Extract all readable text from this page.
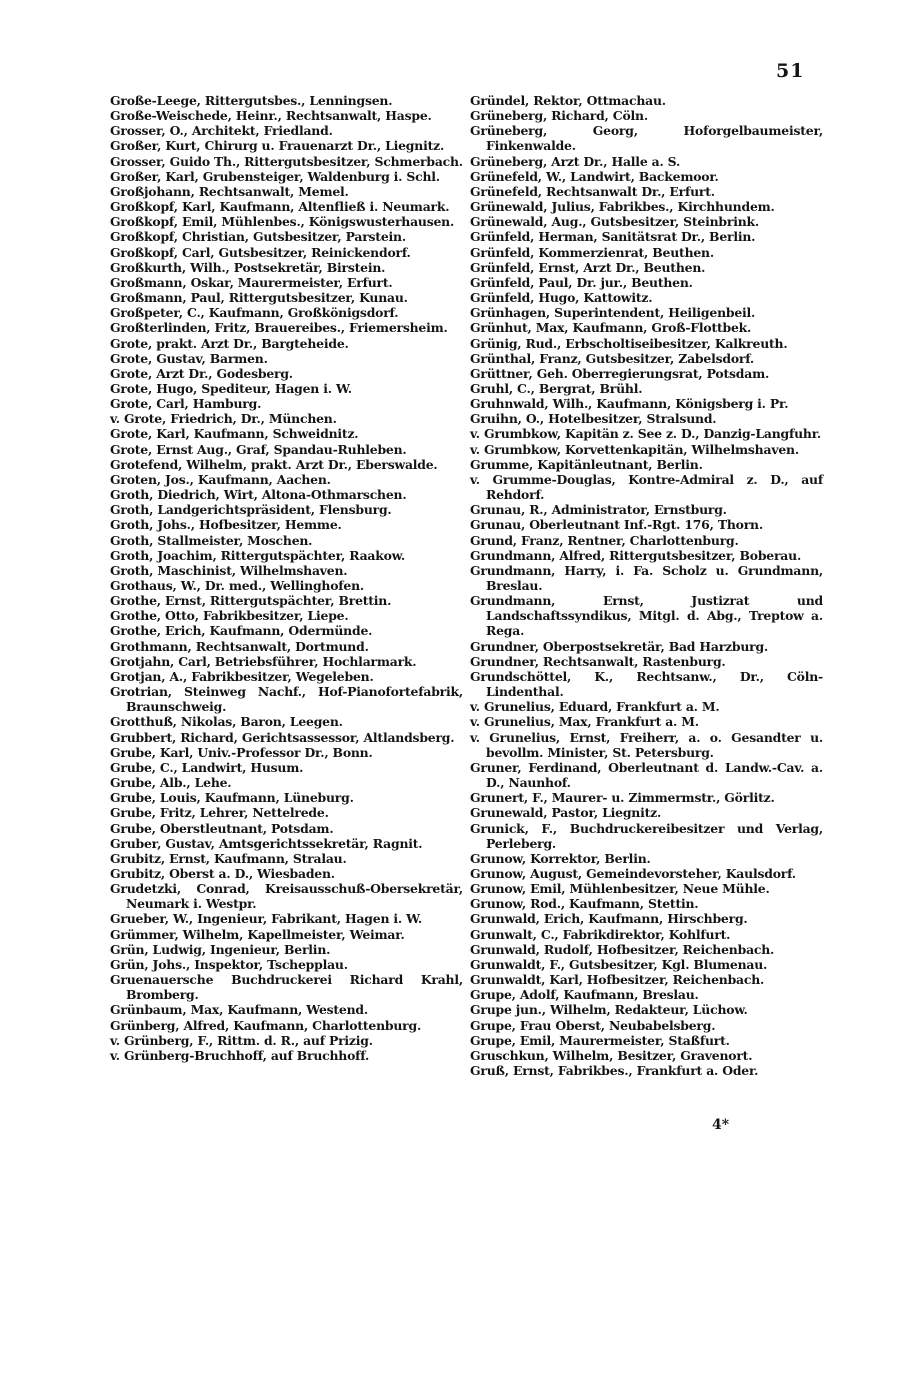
51
Große-Leege, Rittergutsbes., Lenningsen.
Große-Weischede, Heinr., Rechtsanwalt, Haspe.
Grosser, O., Architekt, Friedland.
Großer, Kurt, Chirurg u. Frauenarzt Dr., Liegnitz.
Grosser, Guido Th., Rittergutsbesitzer, Schmerbach.
Großer, Karl, Grubensteiger, Waldenburg i. Schl.
Großjohann, Rechtsanwalt, Memel.
Großkopf, Karl, Kaufmann, Altenfließ i. Neumark.
Großkopf, Emil, Mühlenbes., Königswusterhausen.
Großkopf, Christian, Gutsbesitzer, Parstein.
Großkopf, Carl, Gutsbesitzer, Reinickendorf.
Großkurth, Wilh., Postsekretär, Birstein.
Großmann, Oskar, Maurermeister, Erfurt.
Großmann, Paul, Rittergutsbesitzer, Kunau.
Großpeter, C., Kaufmann, Großkönigsdorf.
Großterlinden, Fritz, Brauereibes., Friemersheim.
Grote, prakt. Arzt Dr., Bargteheide.
Grote, Gustav, Barmen.
Grote, Arzt Dr., Godesberg.
Grote, Hugo, Spediteur, Hagen i. W.
Grote, Carl, Hamburg.
v. Grote, Friedrich, Dr., München.
Grote, Karl, Kaufmann, Schweidnitz.
Grote, Ernst Aug., Graf, Spandau-Ruhleben.
Grotefend, Wilhelm, prakt. Arzt Dr., Eberswalde.
Groten, Jos., Kaufmann, Aachen.
Groth, Diedrich, Wirt, Altona-Othmarschen.
Groth, Landgerichtspräsident, Flensburg.
Groth, Johs., Hofbesitzer, Hemme.
Groth, Stallmeister, Moschen.
Groth, Joachim, Rittergutspächter, Raakow.
Groth, Maschinist, Wilhelmshaven.
Grothaus, W., Dr. med., Wellinghofen.
Grothe, Ernst, Rittergutspächter, Brettin.
Grothe, Otto, Fabrikbesitzer, Liepe.
Grothe, Erich, Kaufmann, Odermünde.
Grothmann, Rechtsanwalt, Dortmund.
Grotjahn, Carl, Betriebsführer, Hochlarmark.
Grotjan, A., Fabrikbesitzer, Wegeleben.
Grotrian, Steinweg Nachf., Hof-Pianofortefabrik, Braunschweig.
Grotthuß, Nikolas, Baron, Leegen.
Grubbert, Richard, Gerichtsassessor, Altlandsberg.
Grube, Karl, Univ.-Professor Dr., Bonn.
Grube, C., Landwirt, Husum.
Grube, Alb., Lehe.
Grube, Louis, Kaufmann, Lüneburg.
Grube, Fritz, Lehrer, Nettelrede.
Grube, Oberstleutnant, Potsdam.
Gruber, Gustav, Amtsgerichtssekretär, Ragnit.
Grubitz, Ernst, Kaufmann, Stralau.
Grubitz, Oberst a. D., Wiesbaden.
Grudetzki, Conrad, Kreisausschuß-Obersekretär, Neumark i. Westpr.
Grueber, W., Ingenieur, Fabrikant, Hagen i. W.
Grümmer, Wilhelm, Kapellmeister, Weimar.
Grün, Ludwig, Ingenieur, Berlin.
Grün, Johs., Inspektor, Tschepplau.
Gruenauersche Buchdruckerei Richard Krahl, Bromberg.
Grünbaum, Max, Kaufmann, Westend.
Grünberg, Alfred, Kaufmann, Charlottenburg.
v. Grünberg, F., Rittm. d. R., auf Prizig.
v. Grünberg-Bruchhoff, auf Bruchhoff.
Gründel, Rektor, Ottmachau.
Grüneberg, Richard, Cöln.
Grüneberg, Georg, Hoforgelbaumeister, Finkenwalde.
Grüneberg, Arzt Dr., Halle a. S.
Grünefeld, W., Landwirt, Backemoor.
Grünefeld, Rechtsanwalt Dr., Erfurt.
Grünewald, Julius, Fabrikbes., Kirchhundem.
Grünewald, Aug., Gutsbesitzer, Steinbrink.
Grünfeld, Herman, Sanitätsrat Dr., Berlin.
Grünfeld, Kommerzienrat, Beuthen.
Grünfeld, Ernst, Arzt Dr., Beuthen.
Grünfeld, Paul, Dr. jur., Beuthen.
Grünfeld, Hugo, Kattowitz.
Grünhagen, Superintendent, Heiligenbeil.
Grünhut, Max, Kaufmann, Groß-Flottbek.
Grünig, Rud., Erbscholtiseibesitzer, Kalkreuth.
Grünthal, Franz, Gutsbesitzer, Zabelsdorf.
Grüttner, Geh. Oberregierungsrat, Potsdam.
Gruhl, C., Bergrat, Brühl.
Gruhnwald, Wilh., Kaufmann, Königsberg i. Pr.
Gruihn, O., Hotelbesitzer, Stralsund.
v. Grumbkow, Kapitän z. See z. D., Danzig-Langfuhr.
v. Grumbkow, Korvettenkapitän, Wilhelmshaven.
Grumme, Kapitänleutnant, Berlin.
v. Grumme-Douglas, Kontre-Admiral z. D., auf Rehdorf.
Grunau, R., Administrator, Ernstburg.
Grunau, Oberleutnant Inf.-Rgt. 176, Thorn.
Grund, Franz, Rentner, Charlottenburg.
Grundmann, Alfred, Rittergutsbesitzer, Boberau.
Grundmann, Harry, i. Fa. Scholz u. Grundmann, Breslau.
Grundmann, Ernst, Justizrat und Landschaftssyndikus, Mitgl. d. Abg., Treptow a. Rega.
Grundner, Oberpostsekretär, Bad Harzburg.
Grundner, Rechtsanwalt, Rastenburg.
Grundschöttel, K., Rechtsanw., Dr., Cöln-Lindenthal.
v. Grunelius, Eduard, Frankfurt a. M.
v. Grunelius, Max, Frankfurt a. M.
v. Grunelius, Ernst, Freiherr, a. o. Gesandter u. bevollm. Minister, St. Petersburg.
Gruner, Ferdinand, Oberleutnant d. Landw.-Cav. a. D., Naunhof.
Grunert, F., Maurer- u. Zimmermstr., Görlitz.
Grunewald, Pastor, Liegnitz.
Grunick, F., Buchdruckereibesitzer und Verlag, Perleberg.
Grunow, Korrektor, Berlin.
Grunow, August, Gemeindevorsteher, Kaulsdorf.
Grunow, Emil, Mühlenbesitzer, Neue Mühle.
Grunow, Rod., Kaufmann, Stettin.
Grunwald, Erich, Kaufmann, Hirschberg.
Grunwalt, C., Fabrikdirektor, Kohlfurt.
Grunwald, Rudolf, Hofbesitzer, Reichenbach.
Grunwaldt, F., Gutsbesitzer, Kgl. Blumenau.
Grunwaldt, Karl, Hofbesitzer, Reichenbach.
Grupe, Adolf, Kaufmann, Breslau.
Grupe jun., Wilhelm, Redakteur, Lüchow.
Grupe, Frau Oberst, Neubabelsberg.
Grupe, Emil, Maurermeister, Staßfurt.
Gruschkun, Wilhelm, Besitzer, Gravenort.
Gruß, Ernst, Fabrikbes., Frankfurt a. Oder.
4*
